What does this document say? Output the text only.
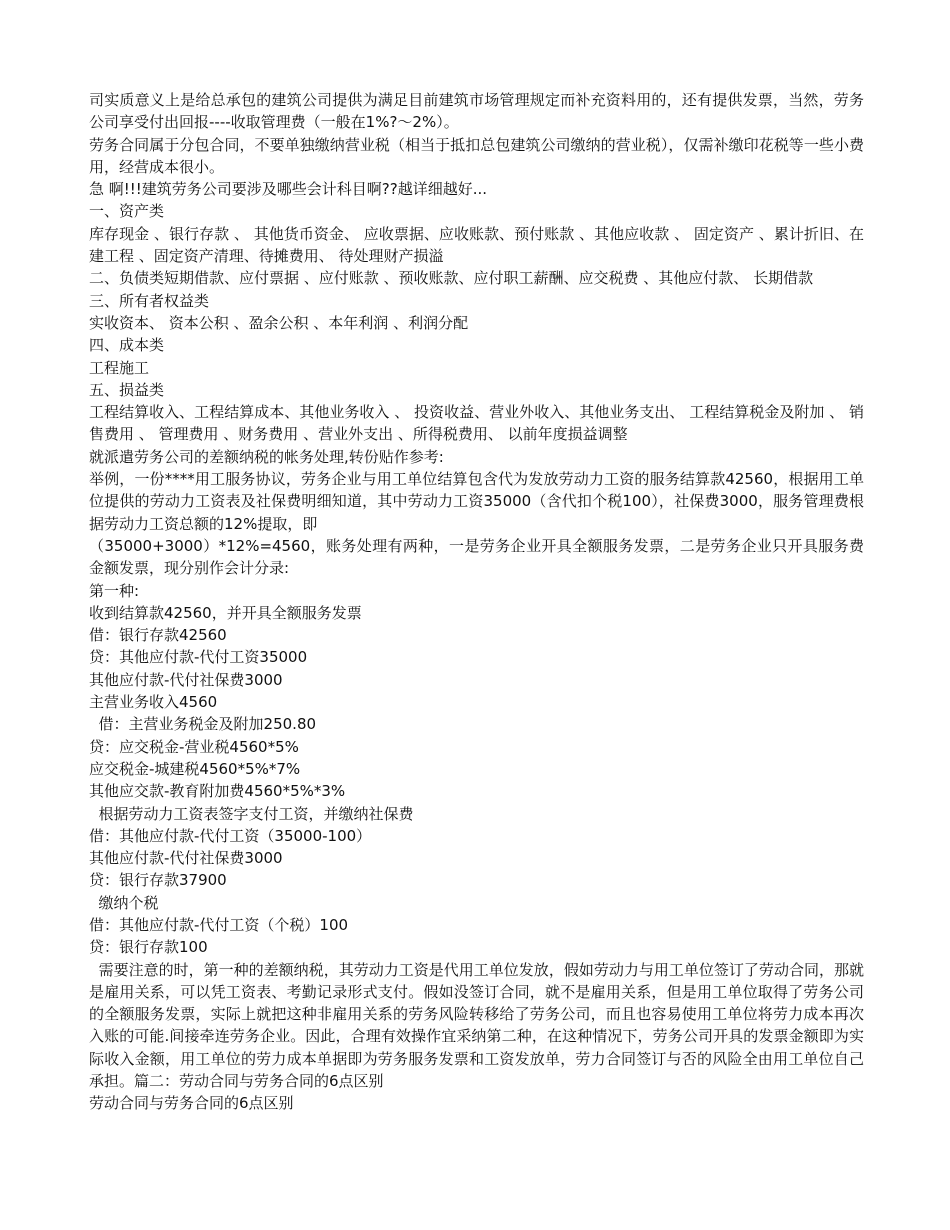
司实质意义上是给总承包的建筑公司提供为满足目前建筑市场管理规定而补充资料用的，还有提供发票，当然，劳务公司享受付出回报----收取管理费（一般在1%?～2%）。

劳务合同属于分包合同，不要单独缴纳营业税（相当于抵扣总包建筑公司缴纳的营业税），仅需补缴印花税等一些小费用，经营成本很小。

急 啊!!!建筑劳务公司要涉及哪些会计科目啊??越详细越好...

一、资产类

库存现金 、银行存款 、 其他货币资金、 应收票据、应收账款、预付账款 、其他应收款 、 固定资产 、累计折旧、在建工程 、固定资产清理、待摊费用、 待处理财产损溢

二、负债类短期借款、应付票据 、应付账款 、预收账款、应付职工薪酬、应交税费 、其他应付款、 长期借款

三、所有者权益类

实收资本、 资本公积 、盈余公积 、本年利润 、利润分配

四、成本类

工程施工

五、损益类

工程结算收入、工程结算成本、其他业务收入 、 投资收益、营业外收入、其他业务支出、 工程结算税金及附加 、 销售费用 、 管理费用 、财务费用 、营业外支出 、所得税费用、 以前年度损益调整

就派遣劳务公司的差额纳税的帐务处理,转份贴作参考:

举例，一份****用工服务协议，劳务企业与用工单位结算包含代为发放劳动力工资的服务结算款42560，根据用工单位提供的劳动力工资表及社保费明细知道，其中劳动力工资35000（含代扣个税100），社保费3000，服务管理费根据劳动力工资总额的12%提取，即

（35000+3000）*12%=4560，账务处理有两种，一是劳务企业开具全额服务发票，二是劳务企业只开具服务费金额发票，现分别作会计分录:

第一种:

收到结算款42560，并开具全额服务发票

借：银行存款42560

贷：其他应付款-代付工资35000

其他应付款-代付社保费3000

主营业务收入4560

借：主营业务税金及附加250.80

贷：应交税金-营业税4560*5%

应交税金-城建税4560*5%*7%

其他应交款-教育附加费4560*5%*3%

根据劳动力工资表签字支付工资，并缴纳社保费

借：其他应付款-代付工资（35000-100）

其他应付款-代付社保费3000

贷：银行存款37900

缴纳个税

借：其他应付款-代付工资（个税）100

贷：银行存款100

需要注意的时，第一种的差额纳税，其劳动力工资是代用工单位发放，假如劳动力与用工单位签订了劳动合同，那就是雇用关系，可以凭工资表、考勤记录形式支付。假如没签订合同，就不是雇用关系，但是用工单位取得了劳务公司的全额服务发票，实际上就把这种非雇用关系的劳务风险转移给了劳务公司，而且也容易使用工单位将劳力成本再次入账的可能.间接牵连劳务企业。因此，合理有效操作宜采纳第二种，在这种情况下，劳务公司开具的发票金额即为实际收入金额，用工单位的劳力成本单据即为劳务服务发票和工资发放单，劳力合同签订与否的风险全由用工单位自己承担。篇二：劳动合同与劳务合同的6点区别

劳动合同与劳务合同的6点区别
